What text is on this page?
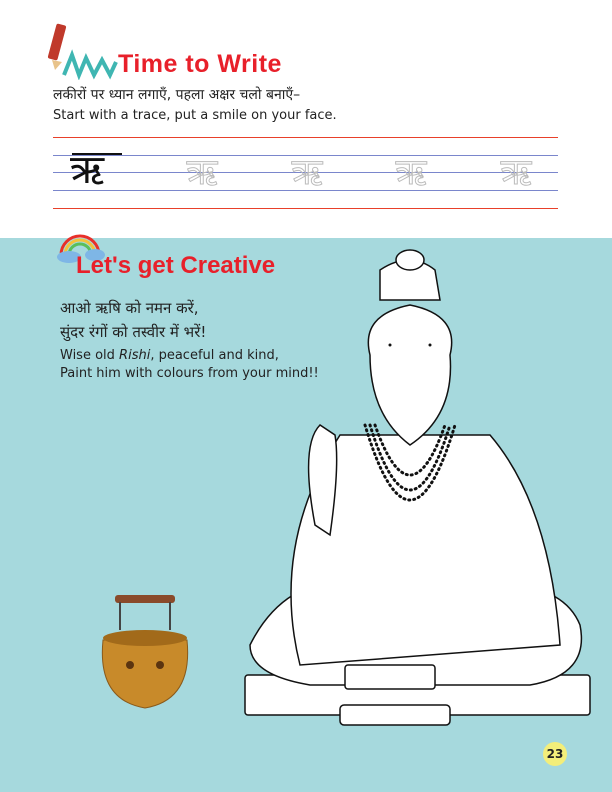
Time to Write
लकीरों पर ध्यान लगाएँ, पहला अक्षर चलो बनाएँ–
Start with a trace, put a smile on your face.
ऋ	ऋ	ऋ	ऋ	ऋ
Let's get Creative
आओ ऋषि को नमन करें,
सुंदर रंगों को तस्वीर में भरें!
Wise old Rishi, peaceful and kind,
Paint him with colours from your mind!!
23
